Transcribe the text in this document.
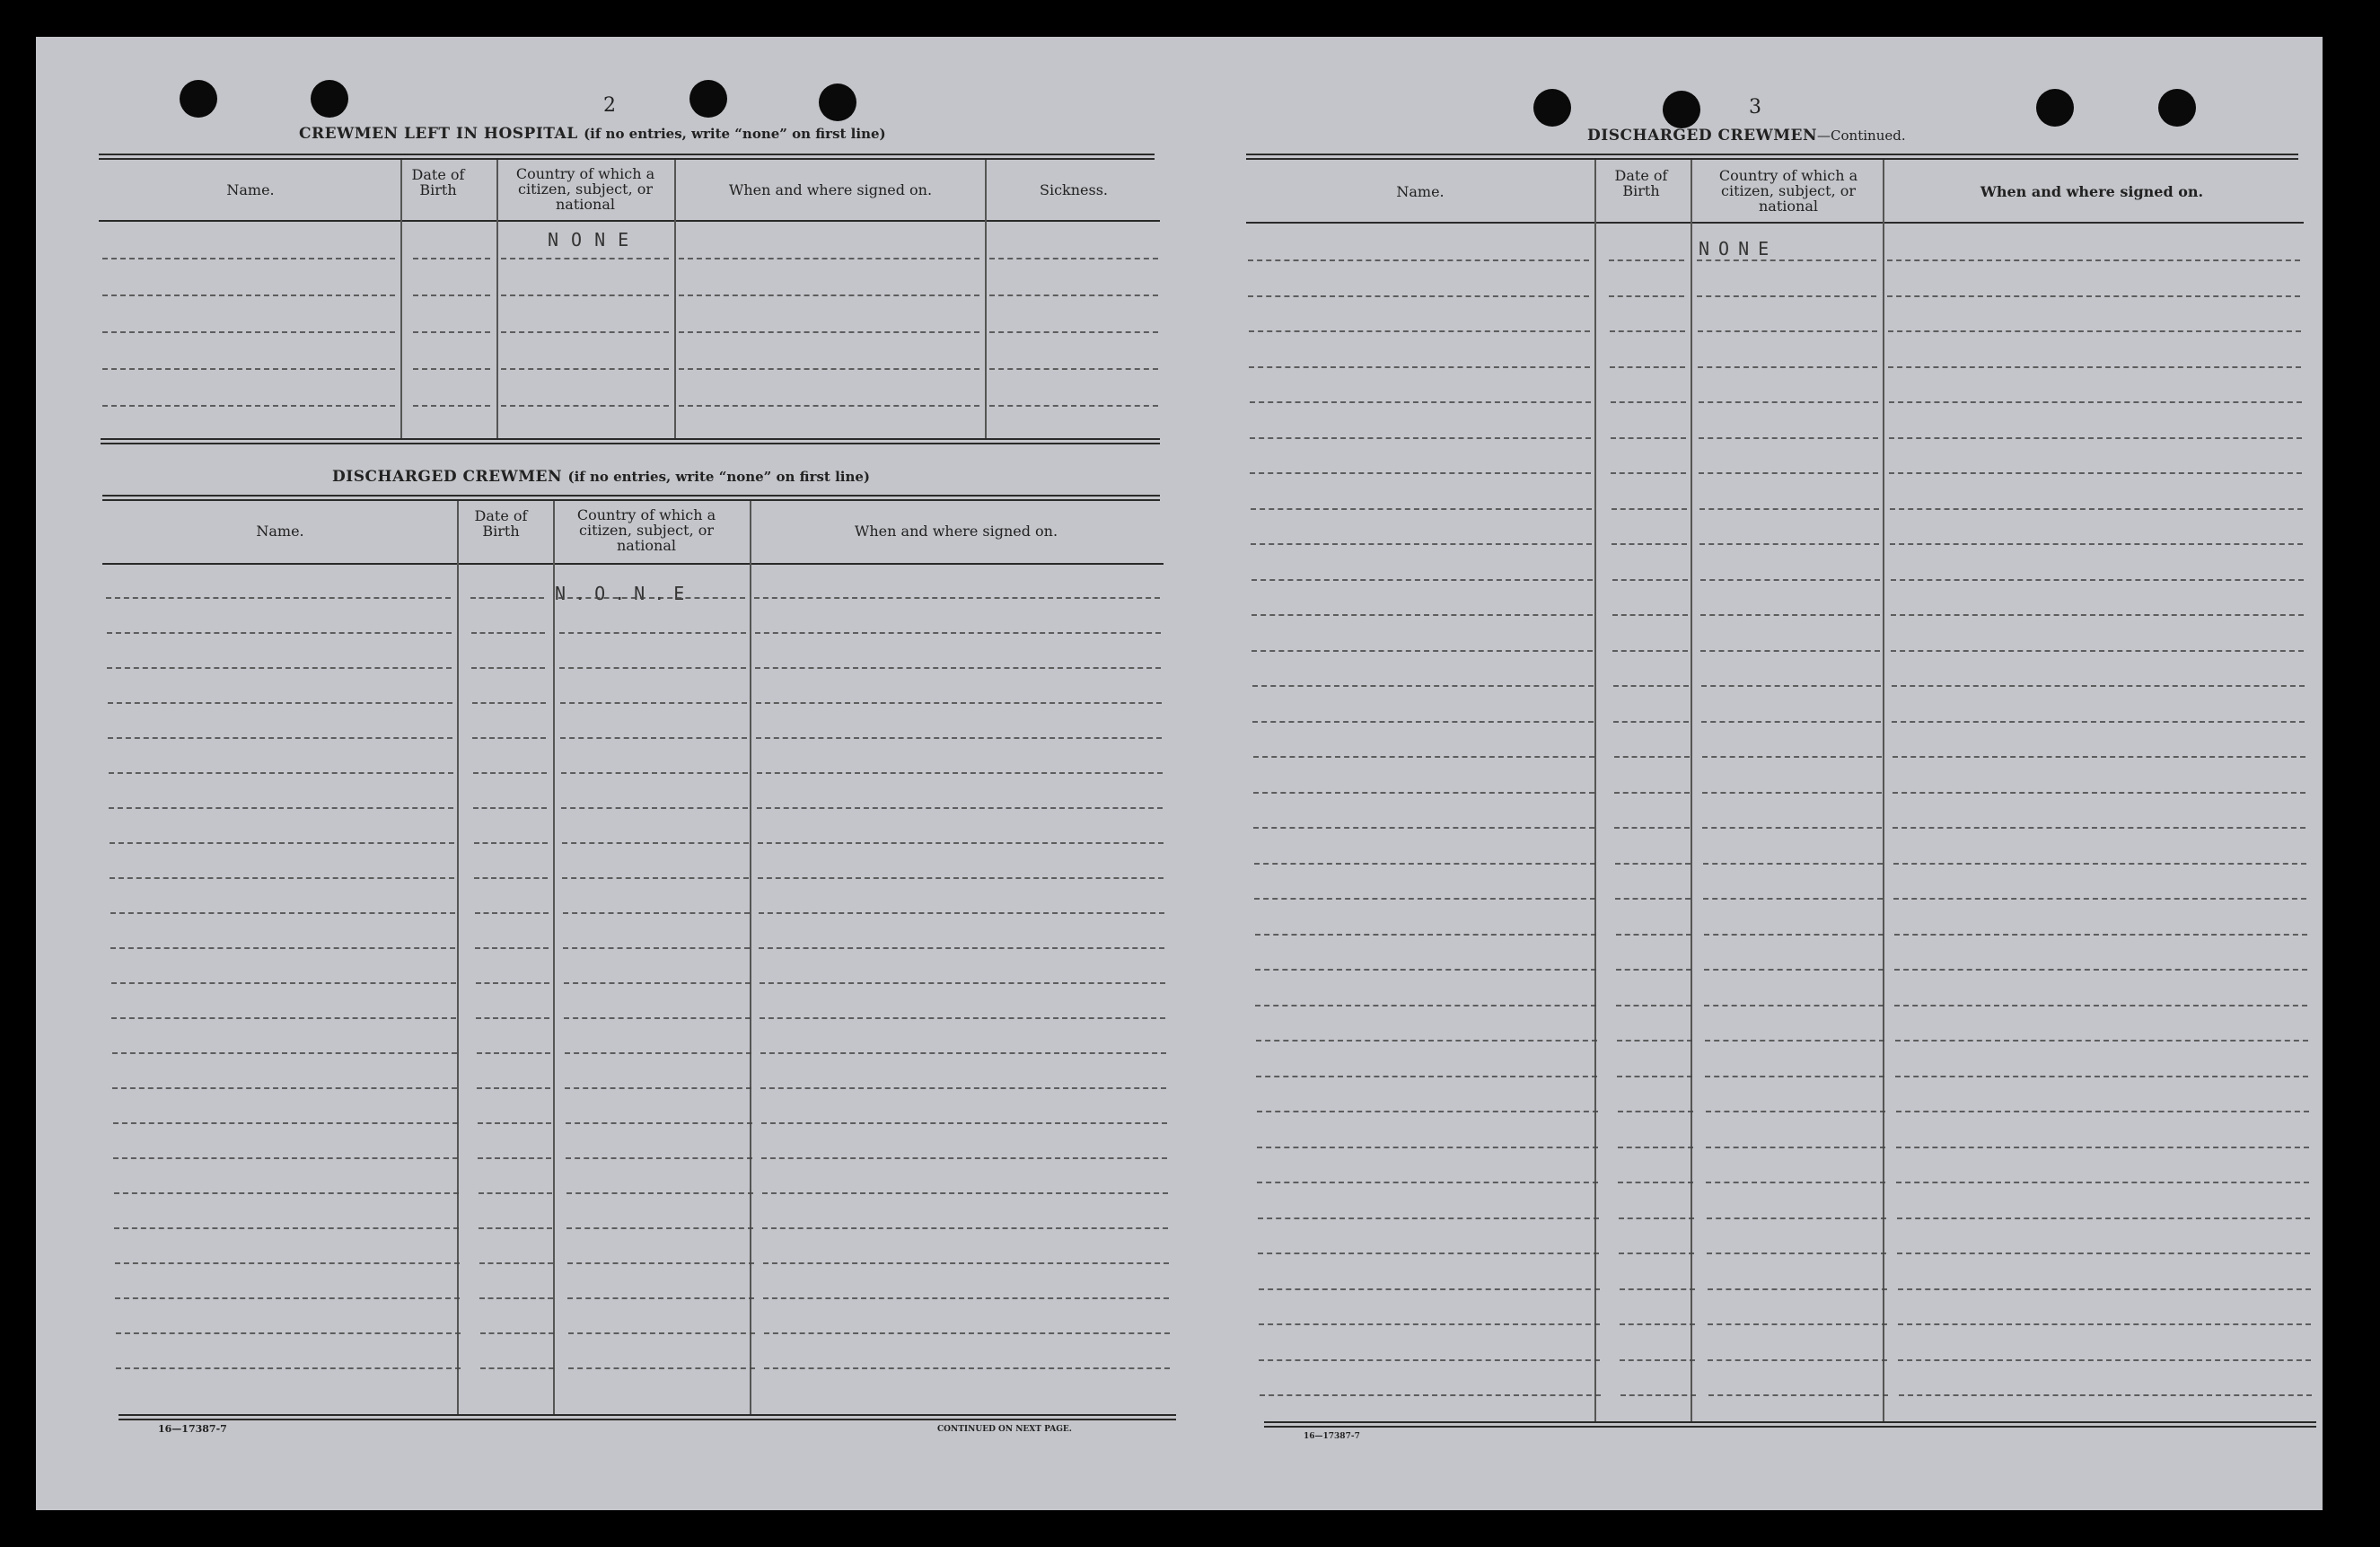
2
CREWMEN LEFT IN HOSPITAL (if no entries, write “none” on first line)
Name.
Date of Birth
Country of which a citizen, subject, or national
When and where signed on.	Sickness.
NONE
DISCHARGED CREWMEN (if no entries, write “none” on first line)
Name.
Date of Birth
Country of which a citizen, subject, or national
When and where signed on.
N.O.N.E
16—17387-7	CONTINUED ON NEXT PAGE.
3
DISCHARGED CREWMEN—Continued.
Name.
Date of Birth
Country of which a citizen, subject, or national
When and where signed on.
NONE
16—17387-7
